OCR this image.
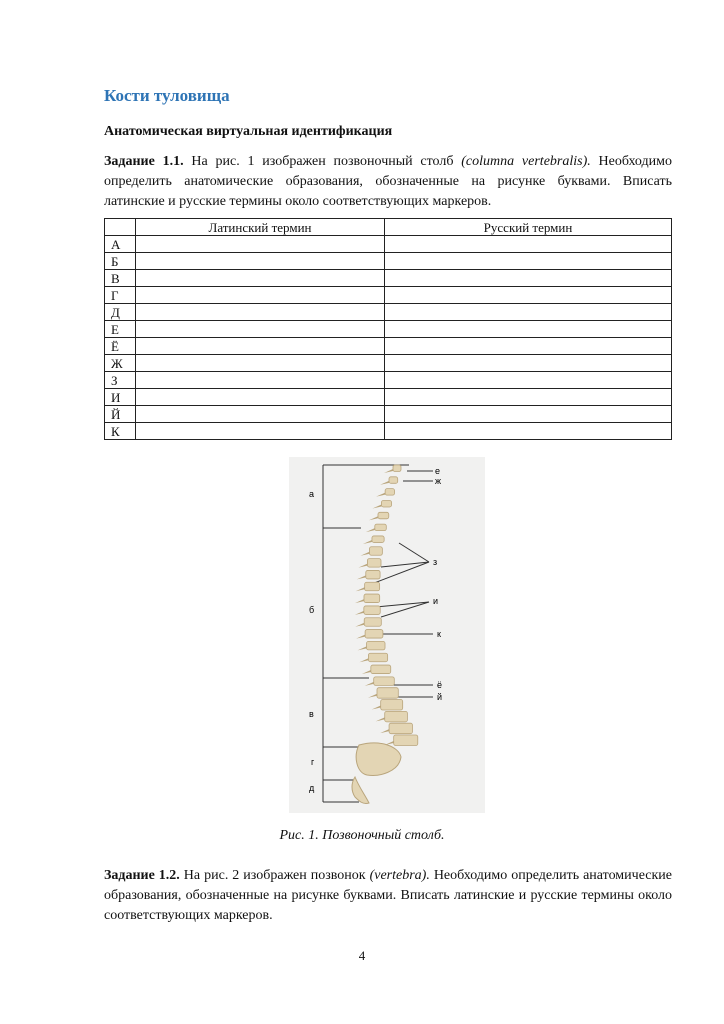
Кости туловища
Анатомическая виртуальная идентификация
Задание 1.1. На рис. 1 изображен позвоночный столб (columna vertebralis). Необходимо определить анатомические образования, обозначенные на рисунке буквами. Вписать латинские и русские термины около соответствующих маркеров.
	Латинский термин	Русский термин
А		
Б		
В		
Г		
Д		
Е		
Ё		
Ж		
З		
И		
Й		
К		
а
б
в
г
д
е
ж
з
и
к
ё
й
Рис. 1. Позвоночный столб.
Задание 1.2. На рис. 2 изображен позвонок (vertebra). Необходимо определить анатомические образования, обозначенные на рисунке буквами. Вписать латинские и русские термины около соответствующих маркеров.
4
